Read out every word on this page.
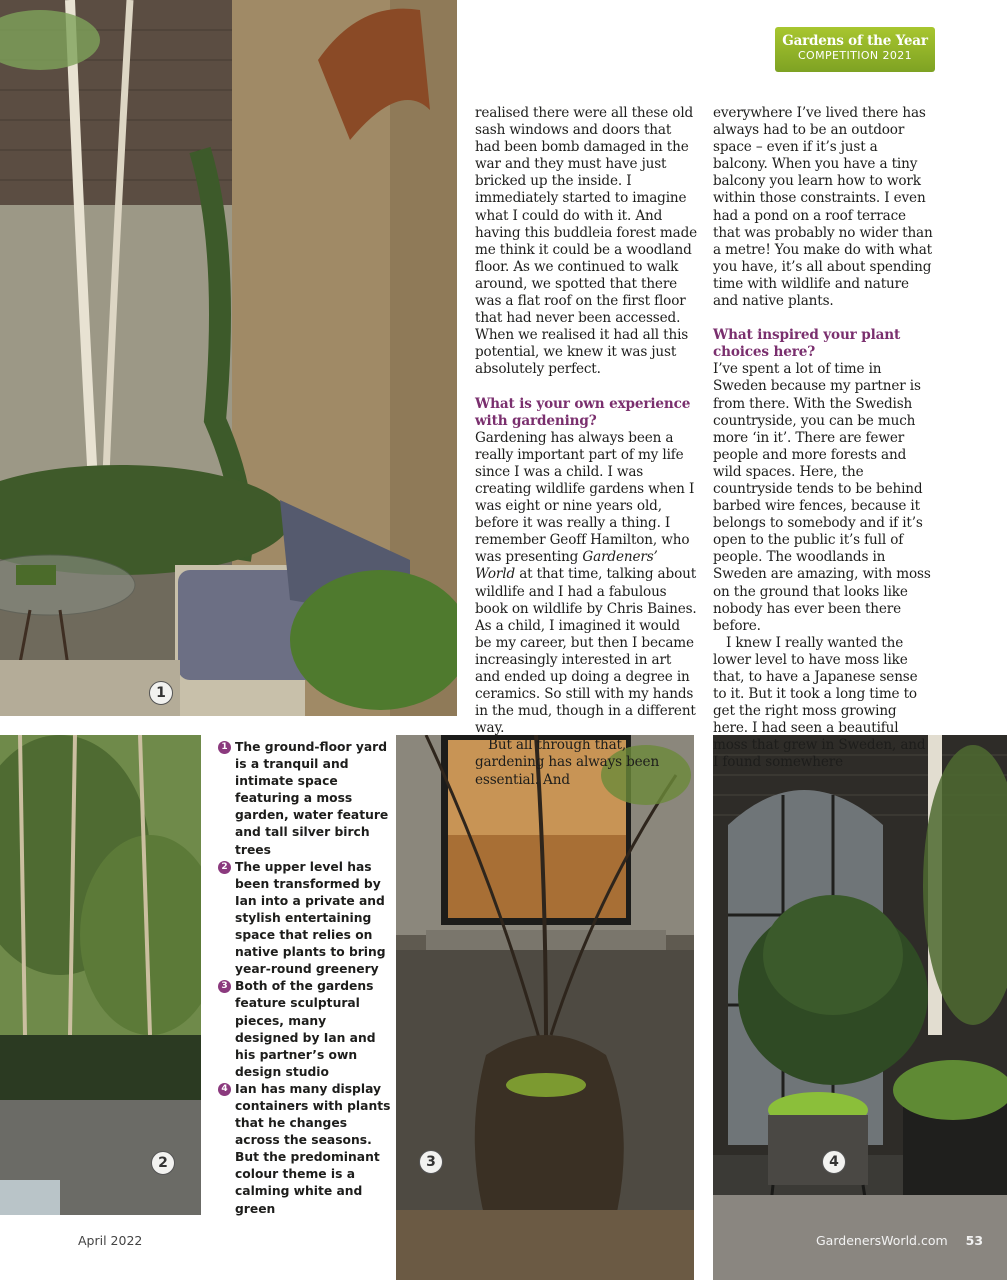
1
2	3	4
Gardens of the Year
COMPETITION 2021

realised there were all these old sash windows and doors that had been bomb damaged in the war and they must have just bricked up the inside. I immediately started to imagine what I could do with it. And having this buddleia forest made me think it could be a woodland floor. As we continued to walk around, we spotted that there was a flat roof on the first floor that had never been accessed. When we realised it had all this potential, we knew it was just absolutely perfect.

What is your own experience with gardening?

Gardening has always been a really important part of my life since I was a child. I was creating wildlife gardens when I was eight or nine years old, before it was really a thing. I remember Geoff Hamilton, who was presenting Gardeners’ World at that time, talking about wildlife and I had a fabulous book on wildlife by Chris Baines. As a child, I imagined it would be my career, but then I became increasingly interested in art and ended up doing a degree in ceramics. So still with my hands in the mud, though in a different way.

But all through that, gardening has always been essential. And

everywhere I’ve lived there has always had to be an outdoor space – even if it’s just a balcony. When you have a tiny balcony you learn how to work within those constraints. I even had a pond on a roof terrace that was probably no wider than a metre! You make do with what you have, it’s all about spending time with wildlife and nature and native plants.

What inspired your plant choices here?

I’ve spent a lot of time in Sweden because my partner is from there. With the Swedish countryside, you can be much more ‘in it’. There are fewer people and more forests and wild spaces. Here, the countryside tends to be behind barbed wire fences, because it belongs to somebody and if it’s open to the public it’s full of people. The woodlands in Sweden are amazing, with moss on the ground that looks like nobody has ever been there before.

I knew I really wanted the lower level to have moss like that, to have a Japanese sense to it. But it took a long time to get the right moss growing here. I had seen a beautiful moss that grew in Sweden, and I found somewhere

1 The ground-floor yard is a tranquil and intimate space featuring a moss garden, water feature and tall silver birch trees
2 The upper level has been transformed by Ian into a private and stylish entertaining space that relies on native plants to bring year-round greenery
3 Both of the gardens feature sculptural pieces, many designed by Ian and his partner’s own design studio
4 Ian has many display containers with plants that he changes across the seasons. But the predominant colour theme is a calming white and green
April 2022	GardenersWorld.com 53
